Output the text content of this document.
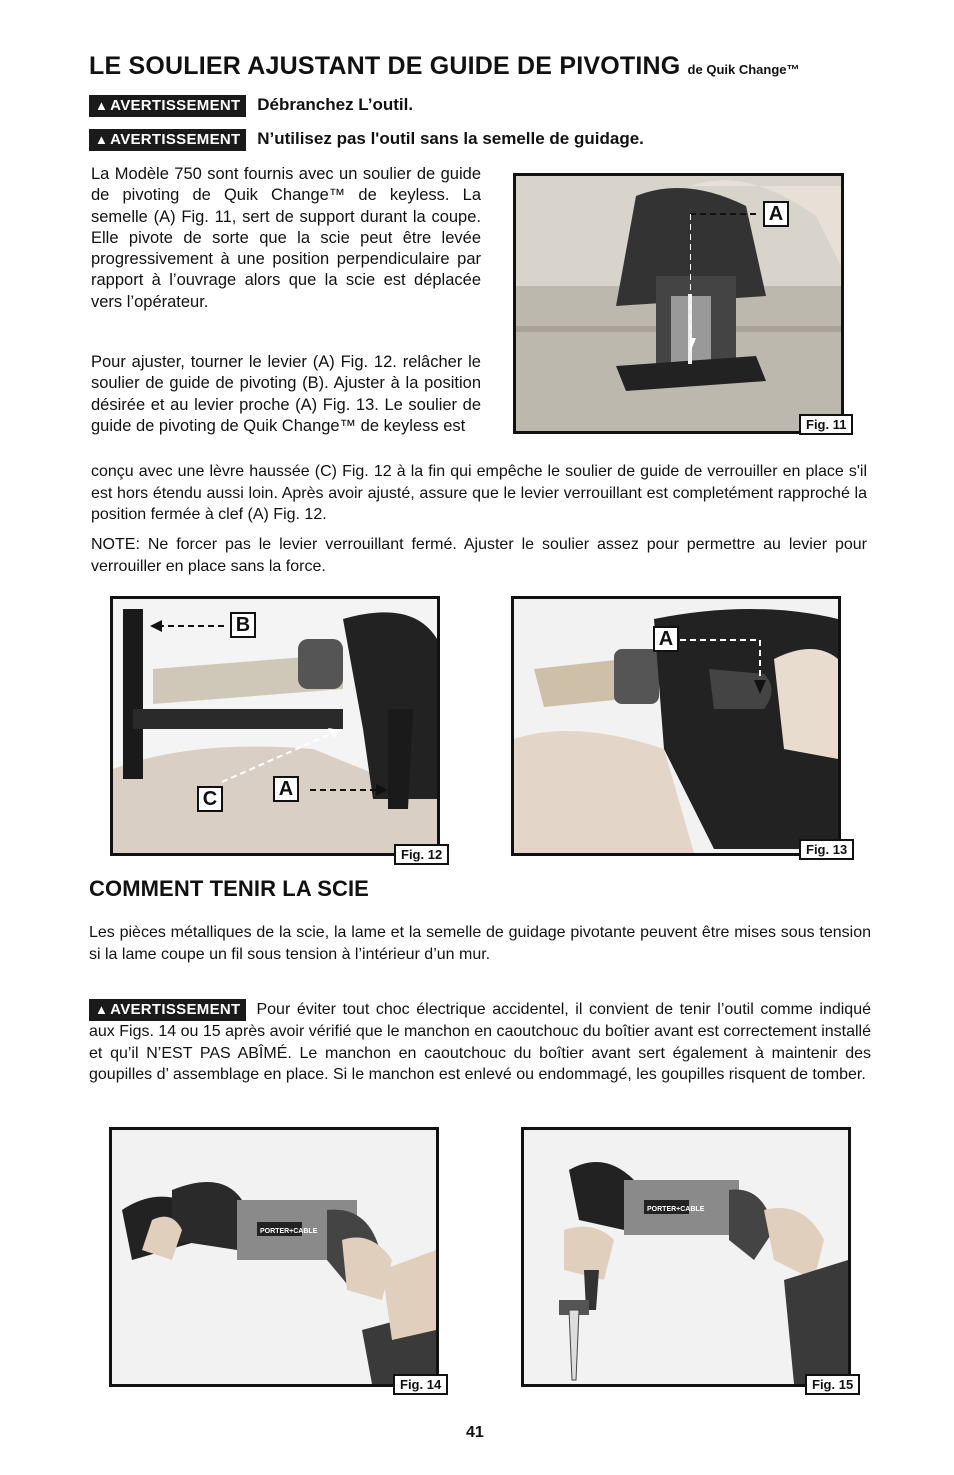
LE SOULIER AJUSTANT DE GUIDE DE PIVOTING de Quik Change™
▲ AVERTISSEMENT Débranchez L’outil.
▲ AVERTISSEMENT N’utilisez pas l'outil sans la semelle de guidage.
La Modèle 750 sont fournis avec un soulier de guide de pivoting de Quik Change™ de keyless. La semelle (A) Fig. 11, sert de support durant la coupe. Elle pivote de sorte que la scie peut être levée progressivement à une position perpendiculaire par rapport à l’ouvrage alors que la scie est déplacée vers l’opérateur.
Pour ajuster, tourner le levier (A) Fig. 12. relâcher le soulier de guide de pivoting (B). Ajuster à la position désirée et au levier proche (A) Fig. 13. Le soulier de guide de pivoting de Quik Change™ de keyless est
conçu avec une lèvre haussée (C) Fig. 12 à la fin qui empêche le soulier de guide de verrouiller en place s'il est hors étendu aussi loin. Après avoir ajusté, assure que le levier verrouillant est completément rapproché la position fermée à clef (A) Fig. 12.
NOTE: Ne forcer pas le levier verrouillant fermé. Ajuster le soulier assez pour permettre au levier pour verrouiller en place sans la force.
A
Fig. 11
B
C	A
Fig. 12
A
Fig. 13
COMMENT TENIR LA SCIE
Les pièces métalliques de la scie, la lame et la semelle de guidage pivotante peuvent être mises sous tension si la lame coupe un fil sous tension à l’intérieur d’un mur.
▲ AVERTISSEMENT Pour éviter tout choc électrique accidentel, il convient de tenir l’outil comme indiqué aux Figs. 14 ou 15 après avoir vérifié que le manchon en caoutchouc du boîtier avant est correctement installé et qu’il N’EST PAS ABÎMÉ. Le manchon en caoutchouc du boîtier avant sert également à maintenir des goupilles d’ assemblage en place. Si le manchon est enlevé ou endommagé, les goupilles risquent de tomber.
PORTER+CABLE
Fig. 14
PORTER+CABLE
Fig. 15
41
